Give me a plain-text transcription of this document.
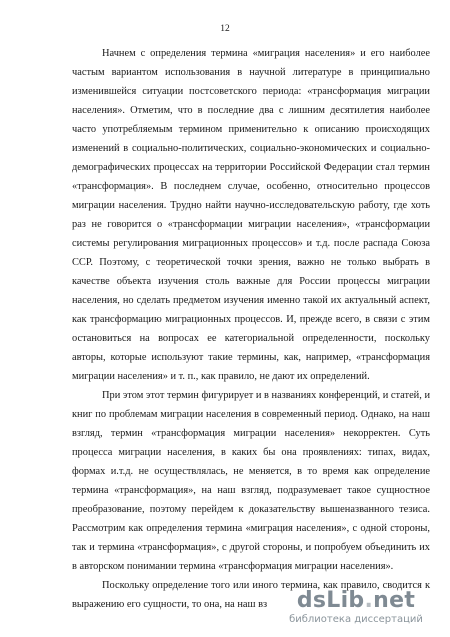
12

Начнем с определения термина «миграция населения» и его наиболее частым вариантом использования в научной литературе в принципиально изменившейся ситуации постсоветского периода: «трансформация миграции населения». Отметим, что в последние два с лишним десятилетия наиболее часто употребляемым термином применительно к описанию происходящих изменений в социально-политических, социально-экономических и социально-демографических процессах на территории Российской Федерации стал термин «трансформация». В последнем случае, особенно, относительно процессов миграции населения. Трудно найти научно-исследовательскую работу, где хоть раз не говорится о «трансформации миграции населения», «трансформации системы регулирования миграционных процессов» и т.д. после распада Союза ССР. Поэтому, с теоретической точки зрения, важно не только выбрать в качестве объекта изучения столь важные для России процессы миграции населения, но сделать предметом изучения именно такой их актуальный аспект, как трансформацию миграционных процессов. И, прежде всего, в связи с этим остановиться на вопросах ее категориальной определенности, поскольку авторы, которые используют такие термины, как, например, «трансформация миграции населения» и т. п., как правило, не дают их определений.

При этом этот термин фигурирует и в названиях конференций, и статей, и книг по проблемам миграции населения в современный период. Однако, на наш взгляд, термин «трансформация миграции населения» некорректен. Суть процесса миграции населения, в каких бы она проявлениях: типах, видах, формах и.т.д. не осуществлялась, не меняется, в то время как определение термина «трансформация», на наш взгляд, подразумевает такое сущностное преобразование, поэтому перейдем к доказательству вышеназванного тезиса. Рассмотрим как определения термина «миграция населения», с одной стороны, так и термина «трансформация», с другой стороны, и попробуем объединить их в авторском понимании термина «трансформация миграции населения».

Поскольку определение того или иного термина, как правило, сводится к выражению его сущности, то она, на наш вз	dsLib.net
библиотека диссертаций
